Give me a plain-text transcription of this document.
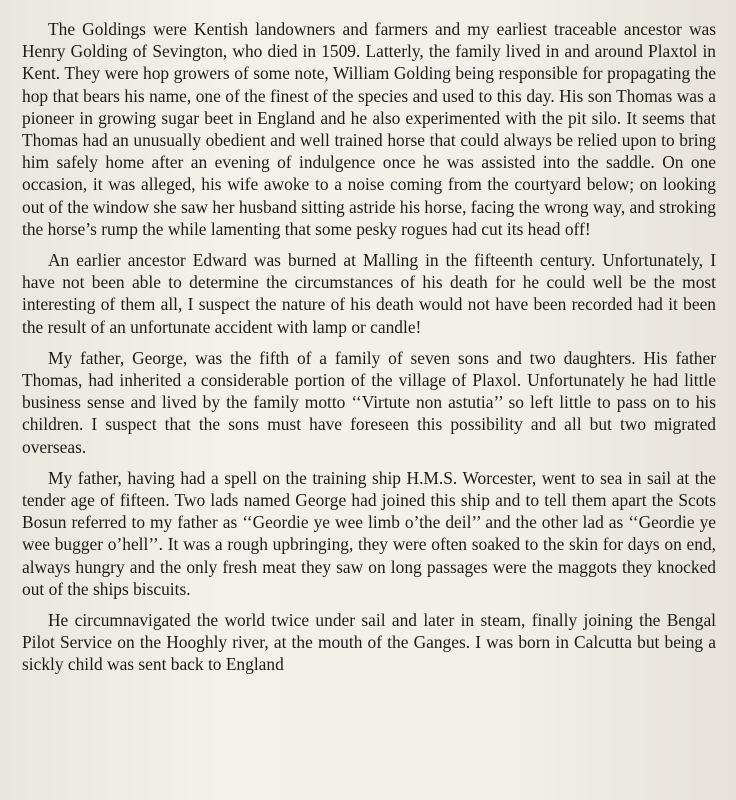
The Goldings were Kentish landowners and farmers and my earliest traceable ancestor was Henry Golding of Sevington, who died in 1509. Latterly, the family lived in and around Plaxtol in Kent. They were hop growers of some note, William Golding being responsible for propagating the hop that bears his name, one of the finest of the species and used to this day. His son Thomas was a pioneer in growing sugar beet in England and he also experimented with the pit silo. It seems that Thomas had an unusually obedient and well trained horse that could always be relied upon to bring him safely home after an evening of indulgence once he was assisted into the saddle. On one occasion, it was alleged, his wife awoke to a noise coming from the courtyard below; on looking out of the window she saw her husband sitting astride his horse, facing the wrong way, and stroking the horse’s rump the while lamenting that some pesky rogues had cut its head off!

An earlier ancestor Edward was burned at Malling in the fifteenth century. Unfortunately, I have not been able to determine the circumstances of his death for he could well be the most interesting of them all, I suspect the nature of his death would not have been recorded had it been the result of an unfortunate accident with lamp or candle!

My father, George, was the fifth of a family of seven sons and two daughters. His father Thomas, had inherited a considerable portion of the village of Plaxol. Unfortunately he had little business sense and lived by the family motto ‘‘Virtute non astutia’’ so left little to pass on to his children. I suspect that the sons must have foreseen this possibility and all but two migrated overseas.

My father, having had a spell on the training ship H.M.S. Worcester, went to sea in sail at the tender age of fifteen. Two lads named George had joined this ship and to tell them apart the Scots Bosun referred to my father as ‘‘Geordie ye wee limb o’the deil’’ and the other lad as ‘‘Geordie ye wee bugger o’hell’’. It was a rough upbringing, they were often soaked to the skin for days on end, always hungry and the only fresh meat they saw on long passages were the maggots they knocked out of the ships biscuits.

He circumnavigated the world twice under sail and later in steam, finally joining the Bengal Pilot Service on the Hooghly river, at the mouth of the Ganges. I was born in Calcutta but being a sickly child was sent back to England
